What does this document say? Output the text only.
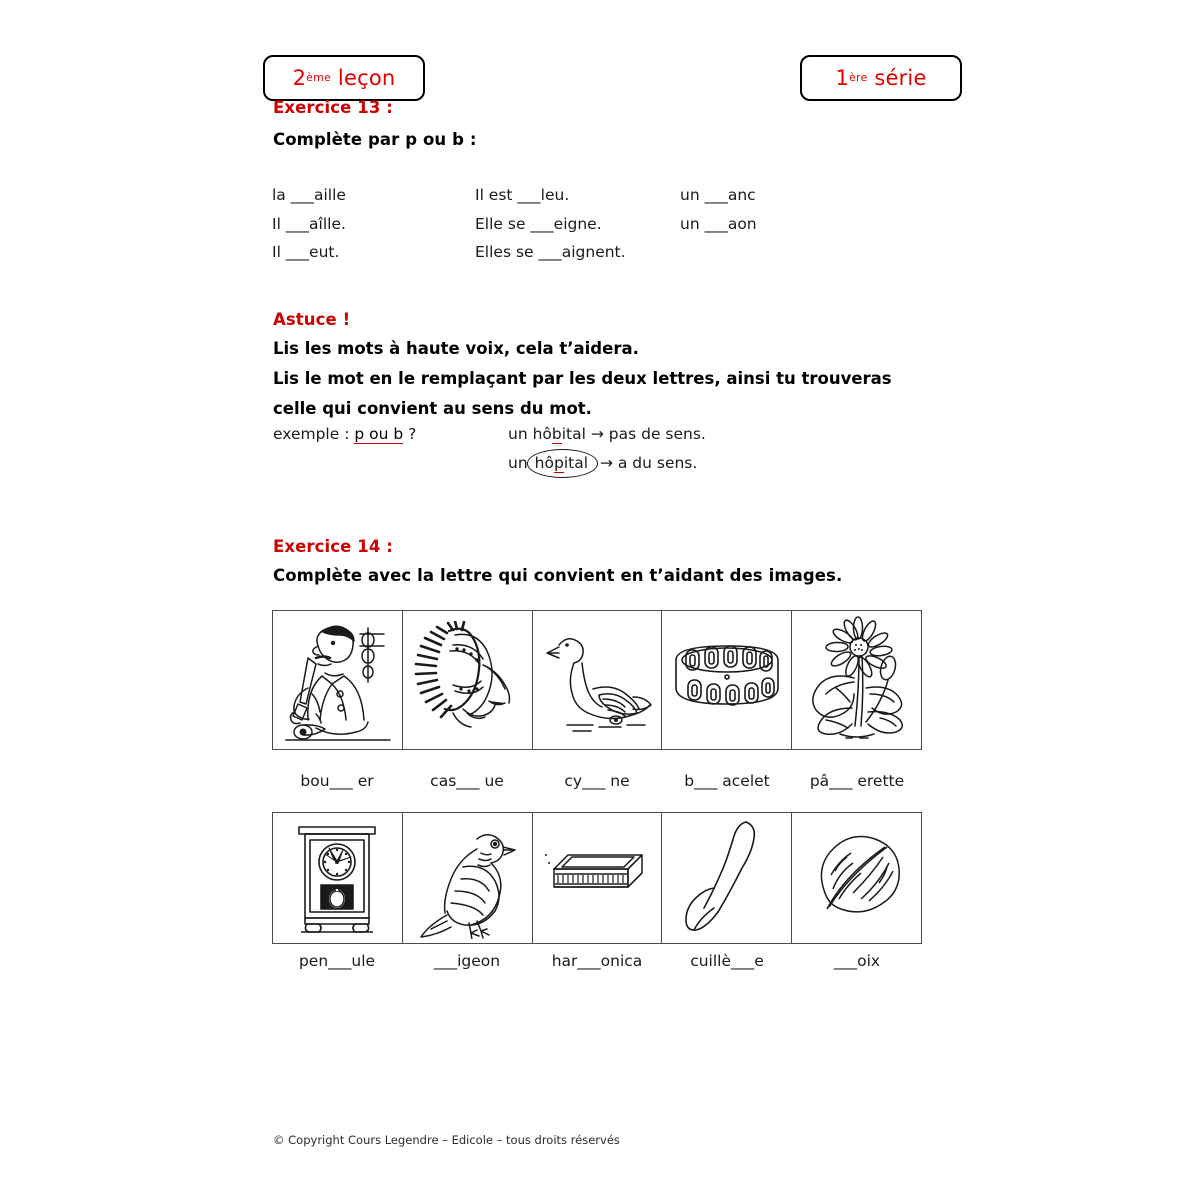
2 ème
leçon	1 ère
série
Exercice 13 :
Complète par p ou b :
la ___aille	Il est ___leu.	un ___anc
Il ___aîlle.	Elle se ___eigne.	un ___aon
Il ___eut.	Elles se ___aignent.
Astuce !
Lis les mots à haute voix, cela t’aidera.
Lis le mot en le remplaçant par les deux lettres, ainsi tu trouveras
celle qui convient au sens du mot.
exemple : p ou b ?	un hôbital → pas de sens.
un hôpital → a du sens.
Exercice 14 :
Complète avec la lettre qui convient en t’aidant des images.
bou___ er	cas___ ue	cy___ ne	b___ acelet	pâ___ erette
pen___ule	___igeon	har___onica	cuillè___e	___oix
© Copyright Cours Legendre – Edicole – tous droits réservés
